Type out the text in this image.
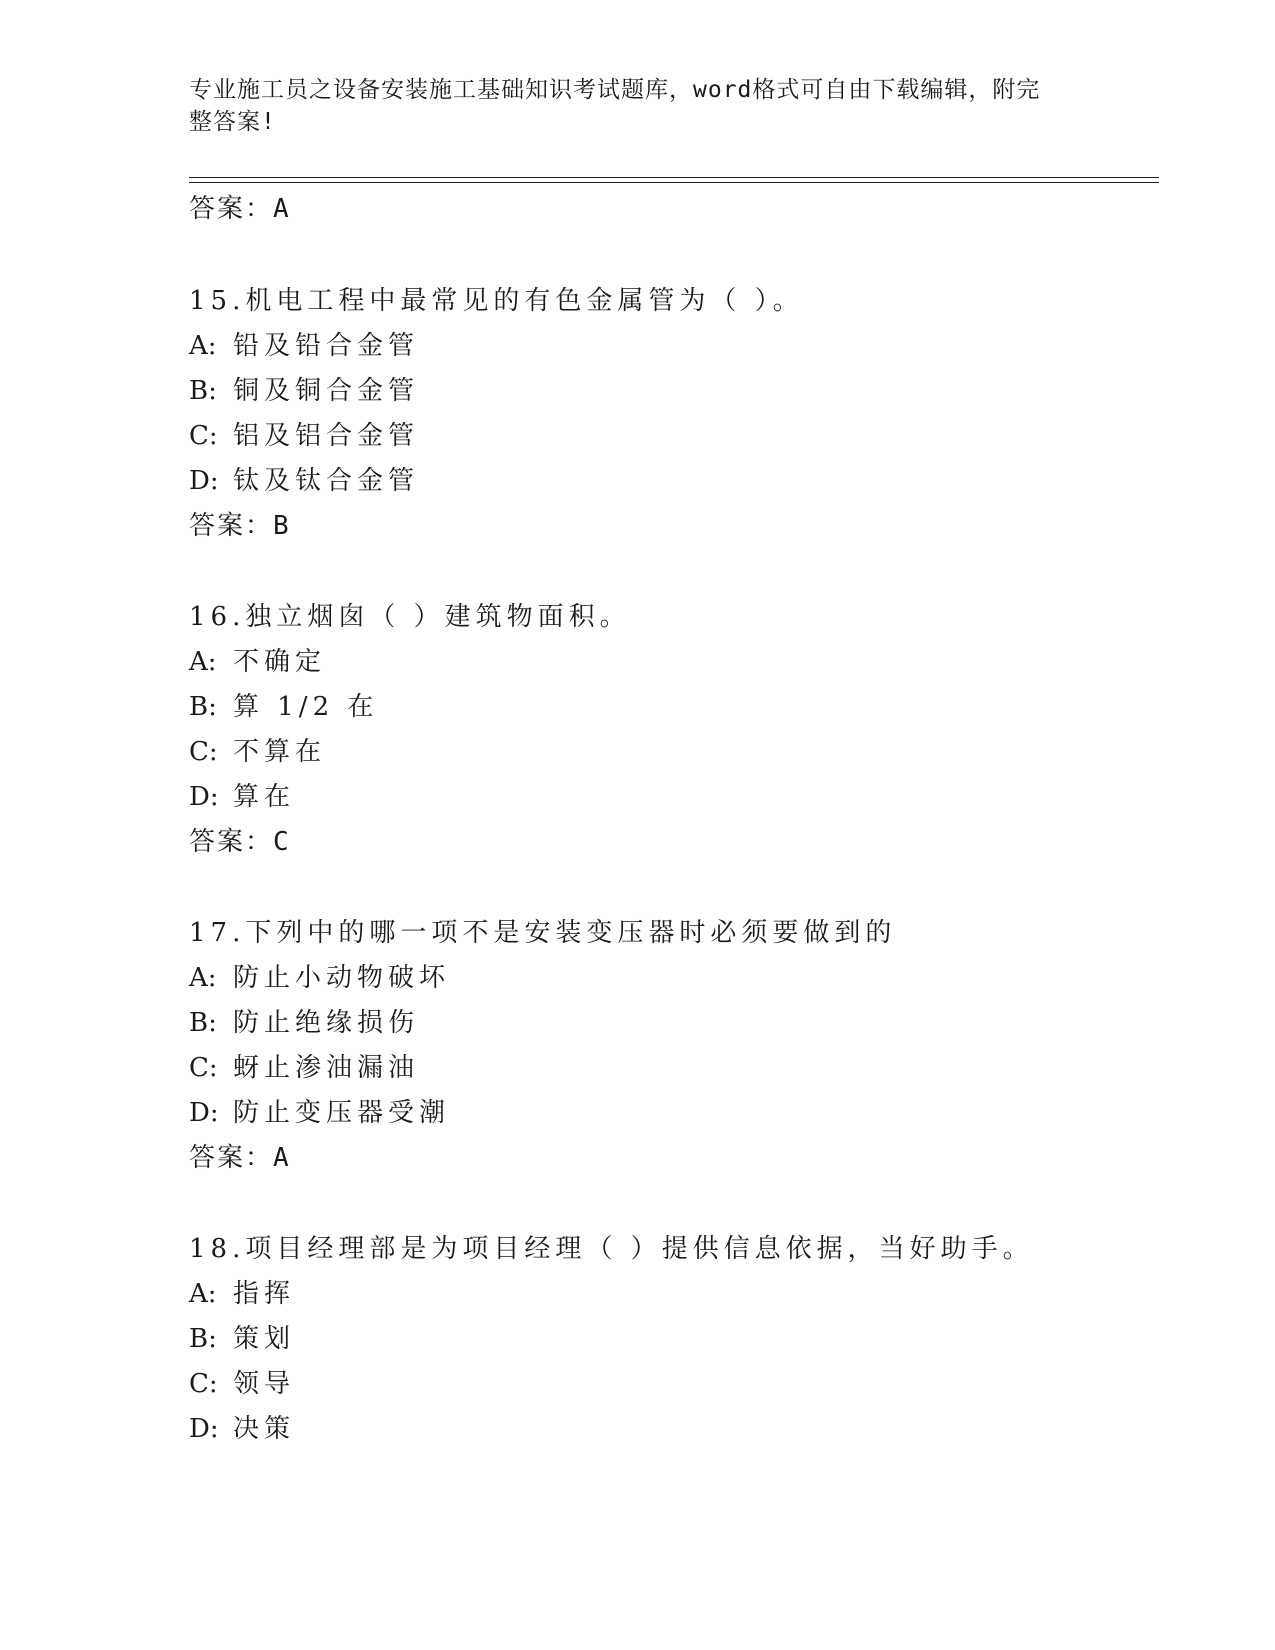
专业施工员之设备安装施工基础知识考试题库，word格式可自由下载编辑，附完
整答案!
答案：A
15.机电工程中最常见的有色金属管为（ ）。
A: 铅及铅合金管
B: 铜及铜合金管
C: 铝及铝合金管
D: 钛及钛合金管
答案：B
16.独立烟囱（ ）建筑物面积。
A: 不确定
B: 算 1/2 在
C: 不算在
D: 算在
答案：C
17.下列中的哪一项不是安装变压器时必须要做到的
A: 防止小动物破坏
B: 防止绝缘损伤
C: 蚜止渗油漏油
D: 防止变压器受潮
答案：A
18.项目经理部是为项目经理（ ）提供信息依据，当好助手。
A: 指挥
B: 策划
C: 领导
D: 决策
